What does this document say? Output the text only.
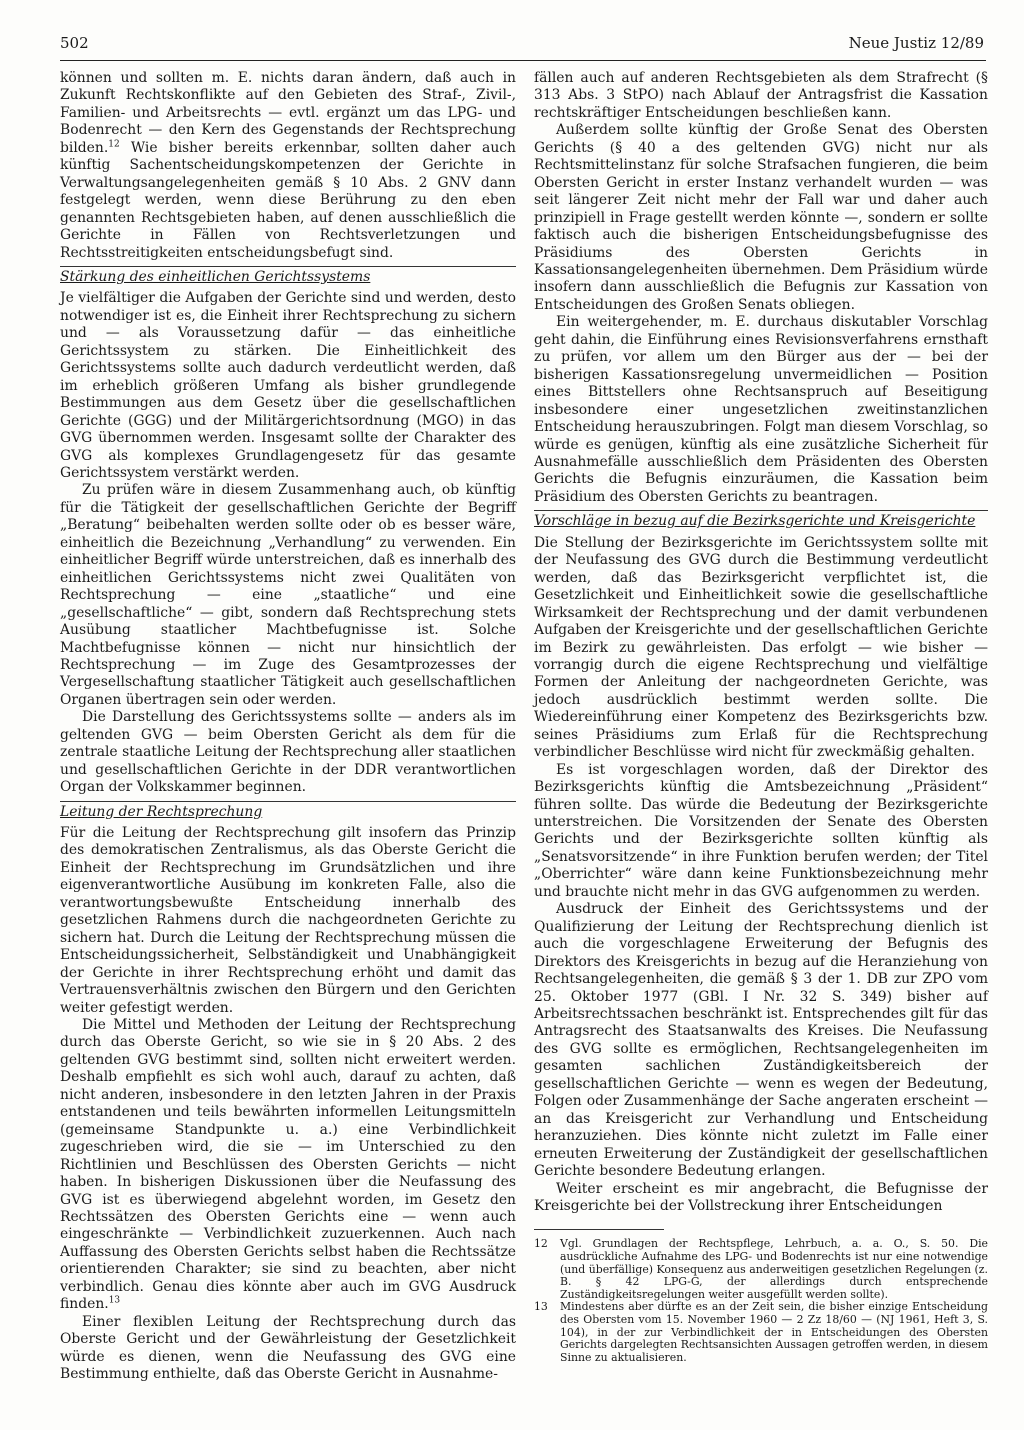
502	Neue Justiz 12/89

können und sollten m. E. nichts daran ändern, daß auch in Zukunft Rechtskonflikte auf den Gebieten des Straf-, Zivil-, Familien- und Arbeitsrechts — evtl. ergänzt um das LPG- und Bodenrecht — den Kern des Gegenstands der Rechtsprechung bilden.$^{12}$ Wie bisher bereits erkennbar, sollten daher auch künftig Sachentscheidungskompetenzen der Gerichte in Verwaltungsangelegenheiten gemäß § 10 Abs. 2 GNV dann festgelegt werden, wenn diese Berührung zu den eben genannten Rechtsgebieten haben, auf denen ausschließlich die Gerichte in Fällen von Rechtsverletzungen und Rechtsstreitigkeiten entscheidungsbefugt sind.

Stärkung des einheitlichen Gerichtssystems

Je vielfältiger die Aufgaben der Gerichte sind und werden, desto notwendiger ist es, die Einheit ihrer Rechtsprechung zu sichern und — als Voraussetzung dafür — das einheitliche Gerichtssystem zu stärken. Die Einheitlichkeit des Gerichtssystems sollte auch dadurch verdeutlicht werden, daß im erheblich größeren Umfang als bisher grundlegende Bestimmungen aus dem Gesetz über die gesellschaftlichen Gerichte (GGG) und der Militärgerichtsordnung (MGO) in das GVG übernommen werden. Insgesamt sollte der Charakter des GVG als komplexes Grundlagengesetz für das gesamte Gerichtssystem verstärkt werden.

Zu prüfen wäre in diesem Zusammenhang auch, ob künftig für die Tätigkeit der gesellschaftlichen Gerichte der Begriff „Beratung“ beibehalten werden sollte oder ob es besser wäre, einheitlich die Bezeichnung „Verhandlung“ zu verwenden. Ein einheitlicher Begriff würde unterstreichen, daß es innerhalb des einheitlichen Gerichtssystems nicht zwei Qualitäten von Rechtsprechung — eine „staatliche“ und eine „gesellschaftliche“ — gibt, sondern daß Rechtsprechung stets Ausübung staatlicher Machtbefugnisse ist. Solche Machtbefugnisse können — nicht nur hinsichtlich der Rechtsprechung — im Zuge des Gesamtprozesses der Vergesellschaftung staatlicher Tätigkeit auch gesellschaftlichen Organen übertragen sein oder werden.

Die Darstellung des Gerichtssystems sollte — anders als im geltenden GVG — beim Obersten Gericht als dem für die zentrale staatliche Leitung der Rechtsprechung aller staatlichen und gesellschaftlichen Gerichte in der DDR verantwortlichen Organ der Volkskammer beginnen.

Leitung der Rechtsprechung

Für die Leitung der Rechtsprechung gilt insofern das Prinzip des demokratischen Zentralismus, als das Oberste Gericht die Einheit der Rechtsprechung im Grundsätzlichen und ihre eigenverantwortliche Ausübung im konkreten Falle, also die verantwortungsbewußte Entscheidung innerhalb des gesetzlichen Rahmens durch die nachgeordneten Gerichte zu sichern hat. Durch die Leitung der Rechtsprechung müssen die Entscheidungssicherheit, Selbständigkeit und Unabhängigkeit der Gerichte in ihrer Rechtsprechung erhöht und damit das Vertrauensverhältnis zwischen den Bürgern und den Gerichten weiter gefestigt werden.

Die Mittel und Methoden der Leitung der Rechtsprechung durch das Oberste Gericht, so wie sie in § 20 Abs. 2 des geltenden GVG bestimmt sind, sollten nicht erweitert werden. Deshalb empfiehlt es sich wohl auch, darauf zu achten, daß nicht anderen, insbesondere in den letzten Jahren in der Praxis entstandenen und teils bewährten informellen Leitungsmitteln (gemeinsame Standpunkte u. a.) eine Verbindlichkeit zugeschrieben wird, die sie — im Unterschied zu den Richtlinien und Beschlüssen des Obersten Gerichts — nicht haben. In bisherigen Diskussionen über die Neufassung des GVG ist es überwiegend abgelehnt worden, im Gesetz den Rechtssätzen des Obersten Gerichts eine — wenn auch eingeschränkte — Verbindlichkeit zuzuerkennen. Auch nach Auffassung des Obersten Gerichts selbst haben die Rechtssätze orientierenden Charakter; sie sind zu beachten, aber nicht verbindlich. Genau dies könnte aber auch im GVG Ausdruck finden.$^{13}$

Einer flexiblen Leitung der Rechtsprechung durch das Oberste Gericht und der Gewährleistung der Gesetzlichkeit würde es dienen, wenn die Neufassung des GVG eine Bestimmung enthielte, daß das Oberste Gericht in Ausnahme-

fällen auch auf anderen Rechtsgebieten als dem Strafrecht (§ 313 Abs. 3 StPO) nach Ablauf der Antragsfrist die Kassation rechtskräftiger Entscheidungen beschließen kann.

Außerdem sollte künftig der Große Senat des Obersten Gerichts (§ 40 a des geltenden GVG) nicht nur als Rechtsmittelinstanz für solche Strafsachen fungieren, die beim Obersten Gericht in erster Instanz verhandelt wurden — was seit längerer Zeit nicht mehr der Fall war und daher auch prinzipiell in Frage gestellt werden könnte —, sondern er sollte faktisch auch die bisherigen Entscheidungsbefugnisse des Präsidiums des Obersten Gerichts in Kassationsangelegenheiten übernehmen. Dem Präsidium würde insofern dann ausschließlich die Befugnis zur Kassation von Entscheidungen des Großen Senats obliegen.

Ein weitergehender, m. E. durchaus diskutabler Vorschlag geht dahin, die Einführung eines Revisionsverfahrens ernsthaft zu prüfen, vor allem um den Bürger aus der — bei der bisherigen Kassationsregelung unvermeidlichen — Position eines Bittstellers ohne Rechtsanspruch auf Beseitigung insbesondere einer ungesetzlichen zweitinstanzlichen Entscheidung herauszubringen. Folgt man diesem Vorschlag, so würde es genügen, künftig als eine zusätzliche Sicherheit für Ausnahmefälle ausschließlich dem Präsidenten des Obersten Gerichts die Befugnis einzuräumen, die Kassation beim Präsidium des Obersten Gerichts zu beantragen.

Vorschläge in bezug auf die Bezirksgerichte und Kreisgerichte

Die Stellung der Bezirksgerichte im Gerichtssystem sollte mit der Neufassung des GVG durch die Bestimmung verdeutlicht werden, daß das Bezirksgericht verpflichtet ist, die Gesetzlichkeit und Einheitlichkeit sowie die gesellschaftliche Wirksamkeit der Rechtsprechung und der damit verbundenen Aufgaben der Kreisgerichte und der gesellschaftlichen Gerichte im Bezirk zu gewährleisten. Das erfolgt — wie bisher — vorrangig durch die eigene Rechtsprechung und vielfältige Formen der Anleitung der nachgeordneten Gerichte, was jedoch ausdrücklich bestimmt werden sollte. Die Wiedereinführung einer Kompetenz des Bezirksgerichts bzw. seines Präsidiums zum Erlaß für die Rechtsprechung verbindlicher Beschlüsse wird nicht für zweckmäßig gehalten.

Es ist vorgeschlagen worden, daß der Direktor des Bezirksgerichts künftig die Amtsbezeichnung „Präsident“ führen sollte. Das würde die Bedeutung der Bezirksgerichte unterstreichen. Die Vorsitzenden der Senate des Obersten Gerichts und der Bezirksgerichte sollten künftig als „Senatsvorsitzende“ in ihre Funktion berufen werden; der Titel „Oberrichter“ wäre dann keine Funktionsbezeichnung mehr und brauchte nicht mehr in das GVG aufgenommen zu werden.

Ausdruck der Einheit des Gerichtssystems und der Qualifizierung der Leitung der Rechtsprechung dienlich ist auch die vorgeschlagene Erweiterung der Befugnis des Direktors des Kreisgerichts in bezug auf die Heranziehung von Rechtsangelegenheiten, die gemäß § 3 der 1. DB zur ZPO vom 25. Oktober 1977 (GBl. I Nr. 32 S. 349) bisher auf Arbeitsrechtssachen beschränkt ist. Entsprechendes gilt für das Antragsrecht des Staatsanwalts des Kreises. Die Neufassung des GVG sollte es ermöglichen, Rechtsangelegenheiten im gesamten sachlichen Zuständigkeitsbereich der gesellschaftlichen Gerichte — wenn es wegen der Bedeutung, Folgen oder Zusammenhänge der Sache angeraten erscheint — an das Kreisgericht zur Verhandlung und Entscheidung heranzuziehen. Dies könnte nicht zuletzt im Falle einer erneuten Erweiterung der Zuständigkeit der gesellschaftlichen Gerichte besondere Bedeutung erlangen.

Weiter erscheint es mir angebracht, die Befugnisse der Kreisgerichte bei der Vollstreckung ihrer Entscheidungen

12	Vgl. Grundlagen der Rechtspflege, Lehrbuch, a. a. O., S. 50. Die ausdrückliche Aufnahme des LPG- und Bodenrechts ist nur eine notwendige (und überfällige) Konsequenz aus anderweitigen gesetzlichen Regelungen (z. B. § 42 LPG-G, der allerdings durch entsprechende Zuständigkeitsregelungen weiter ausgefüllt werden sollte).
13	Mindestens aber dürfte es an der Zeit sein, die bisher einzige Entscheidung des Obersten vom 15. November 1960 — 2 Zz 18/60 — (NJ 1961, Heft 3, S. 104), in der zur Verbindlichkeit der in Entscheidungen des Obersten Gerichts dargelegten Rechtsansichten Aussagen getroffen werden, in diesem Sinne zu aktualisieren.
